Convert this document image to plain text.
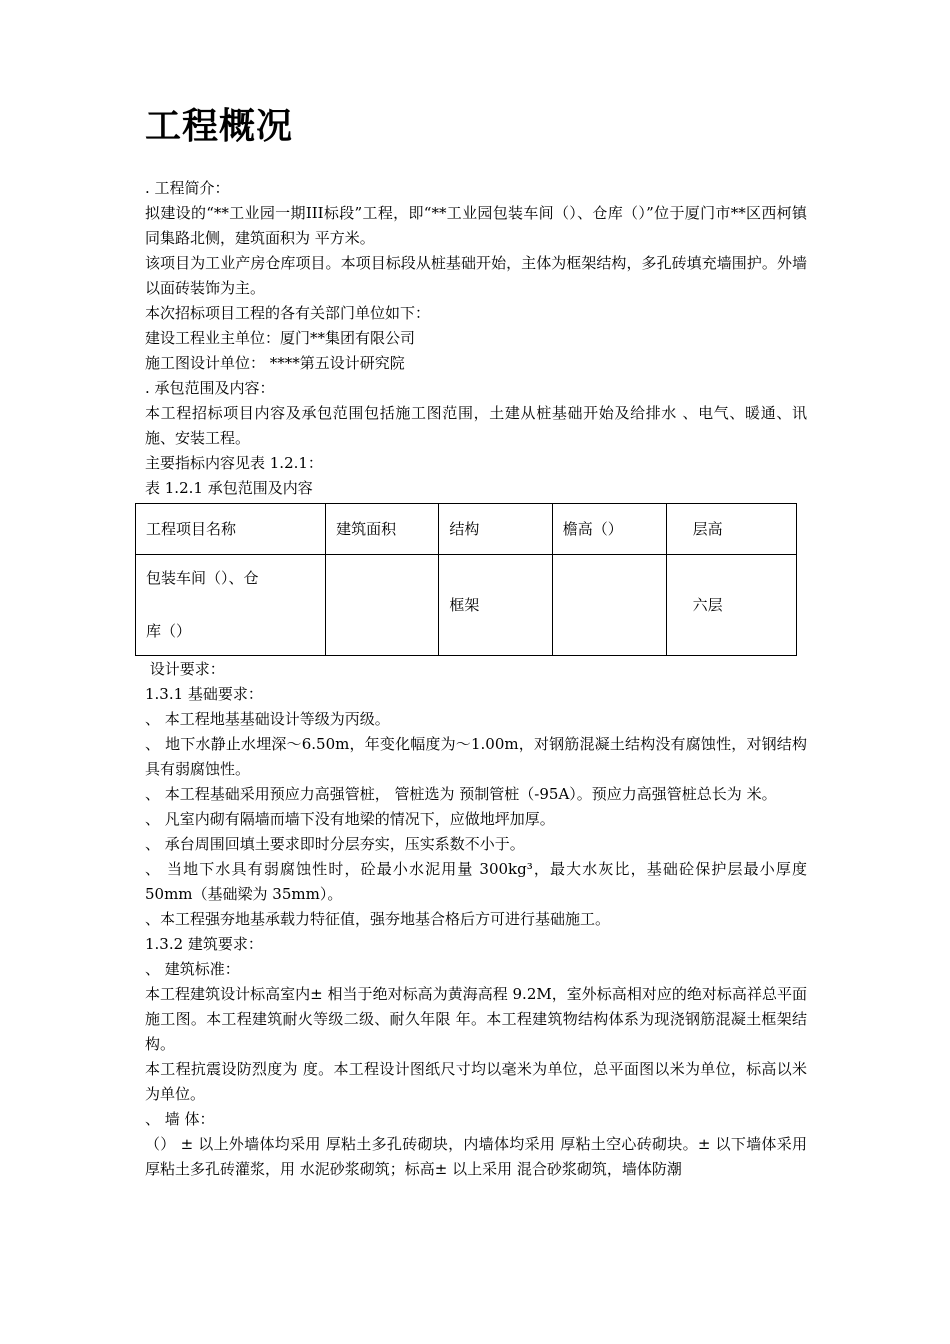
工程概况

. 工程简介：

拟建设的“**工业园一期III标段”工程，即“**工业园包装车间（）、仓库（）”位于厦门市**区西柯镇同集路北侧，建筑面积为 平方米。

该项目为工业产房仓库项目。本项目标段从桩基础开始，主体为框架结构，多孔砖填充墙围护。外墙以面砖装饰为主。

本次招标项目工程的各有关部门单位如下：

建设工程业主单位：厦门**集团有限公司

施工图设计单位： ****第五设计研究院

. 承包范围及内容：

本工程招标项目内容及承包范围包括施工图范围，土建从桩基础开始及给排水 、电气、暖通、讯施、安装工程。

主要指标内容见表 1.2.1：

表 1.2.1 承包范围及内容

工程项目名称	建筑面积	结构	檐高（）	层高

包装车间（）、仓
库（）		框架		六层

设计要求：

1.3.1 基础要求：

、 本工程地基基础设计等级为丙级。

、 地下水静止水埋深～6.50m，年变化幅度为～1.00m，对钢筋混凝土结构没有腐蚀性，对钢结构具有弱腐蚀性。

、 本工程基础采用预应力高强管桩， 管桩选为 预制管桩（-95A）。预应力高强管桩总长为 米。

、 凡室内砌有隔墙而墙下没有地梁的情况下，应做地坪加厚。

、 承台周围回填土要求即时分层夯实，压实系数不小于。

、 当地下水具有弱腐蚀性时，砼最小水泥用量 300kg³，最大水灰比，基础砼保护层最小厚度 50mm（基础梁为 35mm）。

、本工程强夯地基承载力特征值，强夯地基合格后方可进行基础施工。

1.3.2 建筑要求：

、 建筑标准：

本工程建筑设计标高室内± 相当于绝对标高为黄海高程 9.2M，室外标高相对应的绝对标高祥总平面施工图。本工程建筑耐火等级二级、耐久年限 年。本工程建筑物结构体系为现浇钢筋混凝土框架结构。

本工程抗震设防烈度为 度。本工程设计图纸尺寸均以毫米为单位，总平面图以米为单位，标高以米为单位。

、 墙 体：

（） ± 以上外墙体均采用 厚粘土多孔砖砌块，内墙体均采用 厚粘土空心砖砌块。± 以下墙体采用 厚粘土多孔砖灌浆，用 水泥砂浆砌筑；标高± 以上采用 混合砂浆砌筑，墙体防潮
